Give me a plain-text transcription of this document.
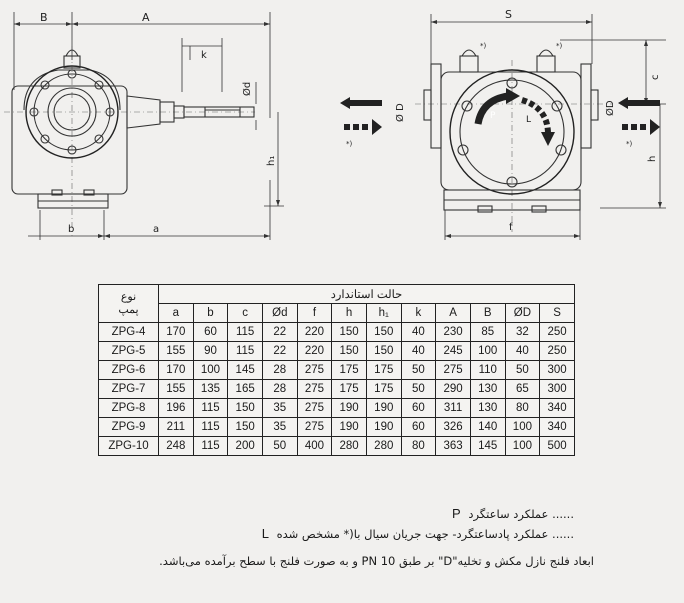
B	A
k
Ød
h₁
b	a
S
c
h
Ø D	ØD
f
P	L
*)	*)
*)	*)
نوع
پمپ	حالت استاندارد											
	a	b	c	Ød	f	h	h₁	k	A	B	ØD	S
ZPG-4	170	60	115	22	220	150	150	40	230	85	32	250
ZPG-5	155	90	115	22	220	150	150	40	245	100	40	250
ZPG-6	170	100	145	28	275	175	175	50	275	110	50	300
ZPG-7	155	135	165	28	275	175	175	50	290	130	65	300
ZPG-8	196	115	150	35	275	190	190	60	311	130	80	340
ZPG-9	211	115	150	35	275	190	190	60	326	140	100	340
ZPG-10	248	115	200	50	400	280	280	80	363	145	100	500
...... عملکرد ساعتگرد P
...... عملکرد پادساعتگرد- جهت جریان سیال با(* مشخص شده L
ابعاد فلنج نازل مکش و تخلیه"D" بر طبق PN 10 و به صورت فلنج با سطح برآمده می‌باشد.
